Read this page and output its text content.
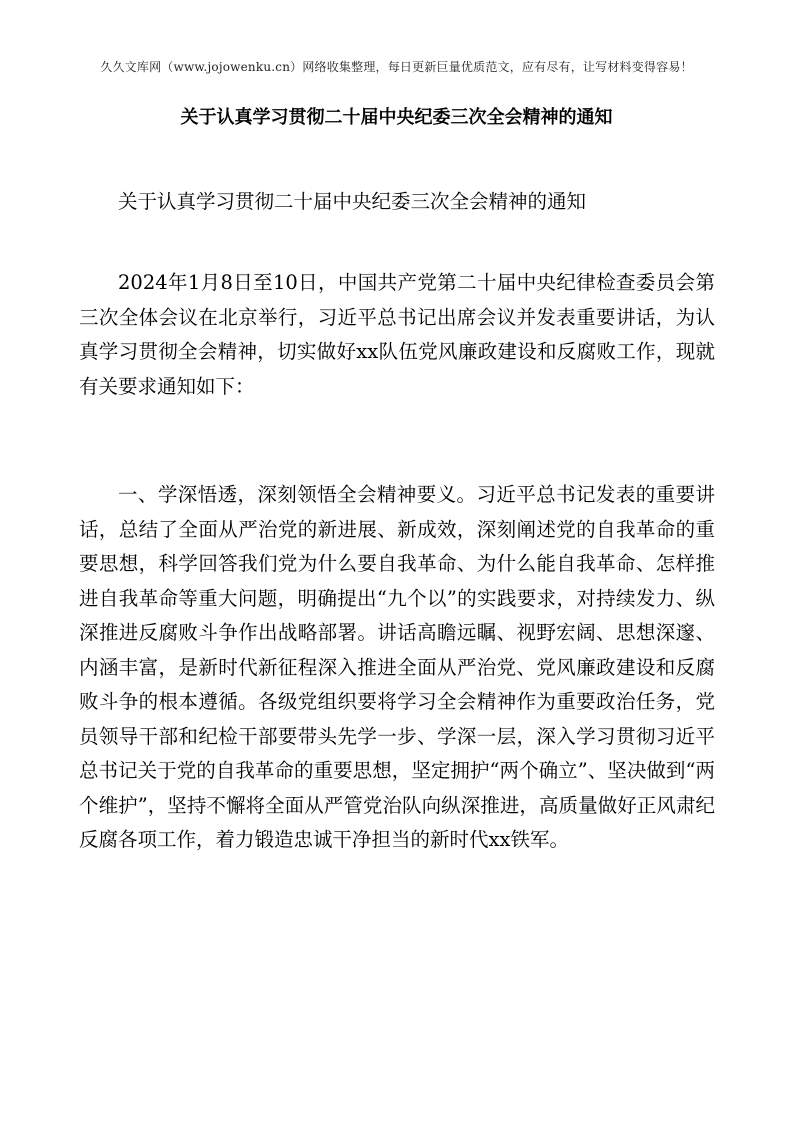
久久文库网（www.jojowenku.cn）网络收集整理，每日更新巨量优质范文，应有尽有，让写材料变得容易！
关于认真学习贯彻二十届中央纪委三次全会精神的通知

关于认真学习贯彻二十届中央纪委三次全会精神的通知

2024年1月8日至10日，中国共产党第二十届中央纪律检查委员会第三次全体会议在北京举行，习近平总书记出席会议并发表重要讲话，为认真学习贯彻全会精神，切实做好xx队伍党风廉政建设和反腐败工作，现就有关要求通知如下：

一、学深悟透，深刻领悟全会精神要义。习近平总书记发表的重要讲话，总结了全面从严治党的新进展、新成效，深刻阐述党的自我革命的重要思想，科学回答我们党为什么要自我革命、为什么能自我革命、怎样推进自我革命等重大问题，明确提出“九个以”的实践要求，对持续发力、纵深推进反腐败斗争作出战略部署。讲话高瞻远瞩、视野宏阔、思想深邃、内涵丰富，是新时代新征程深入推进全面从严治党、党风廉政建设和反腐败斗争的根本遵循。各级党组织要将学习全会精神作为重要政治任务，党员领导干部和纪检干部要带头先学一步、学深一层，深入学习贯彻习近平总书记关于党的自我革命的重要思想，坚定拥护“两个确立”、坚决做到“两个维护”，坚持不懈将全面从严管党治队向纵深推进，高质量做好正风肃纪反腐各项工作，着力锻造忠诚干净担当的新时代xx铁军。
